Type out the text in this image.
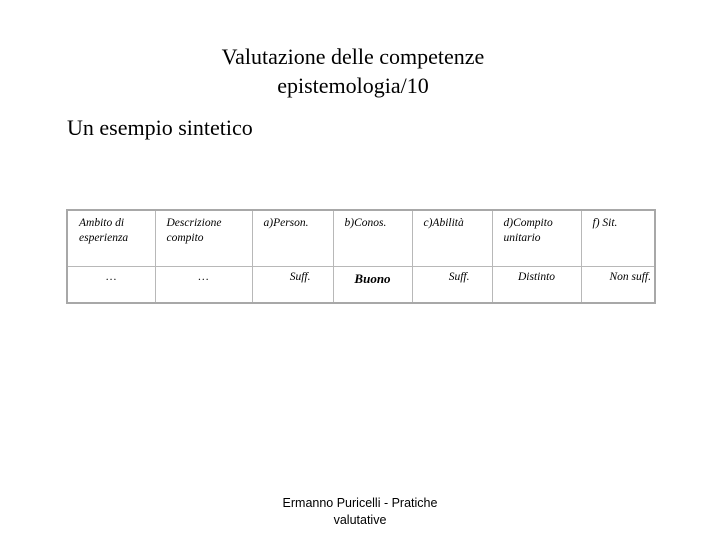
Valutazione delle competenze
epistemologia/10
Un esempio sintetico
Ambito di esperienza	Descrizione compito	a)Person.	b)Conos.	c)Abilità	d)Compito unitario	f) Sit.
…	…	Suff.	Buono	Suff.	Distinto	Non suff.
Ermanno Puricelli - Pratiche
valutative
